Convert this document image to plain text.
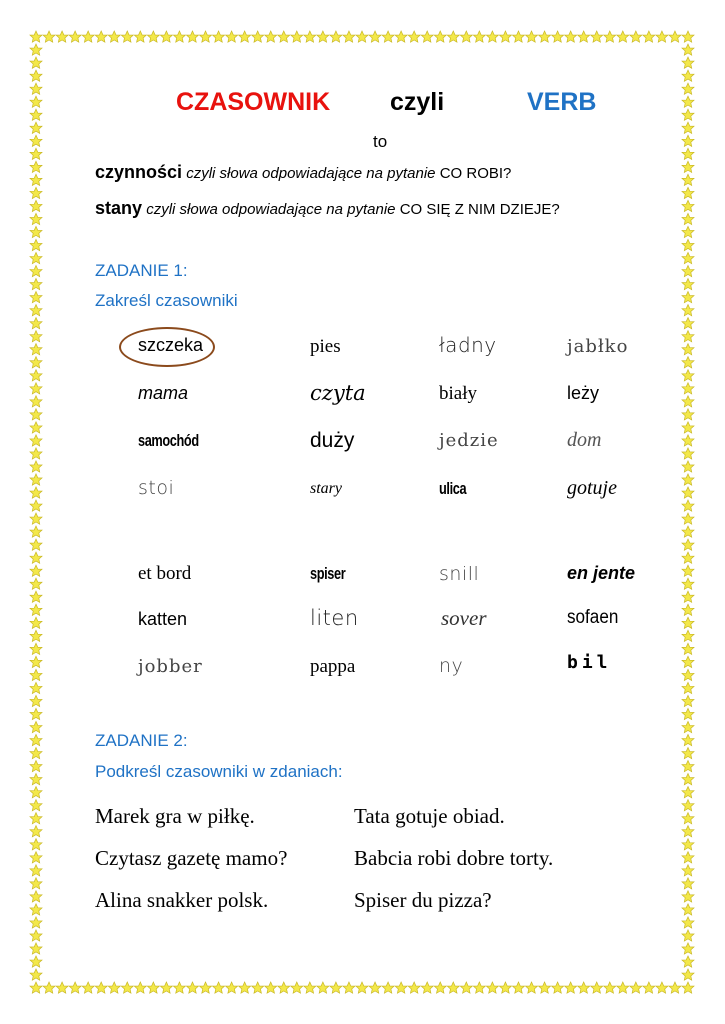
CZASOWNIK czyli	VERB
to
czynności czyli słowa odpowiadające na pytanie CO ROBI?
stany czyli słowa odpowiadające na pytanie CO SIĘ Z NIM DZIEJE?
ZADANIE 1:
Zakreśl czasowniki
szczeka	pies	ładny	jabłko
mama	czyta	biały	leży
samochód	duży	jedzie	dom
stoi	stary	ulica	gotuje
et bord	spiser	snill	en jente
katten	liten	sover	sofaen
jobber	pappa	ny	bil
ZADANIE 2:
Podkreśl czasowniki w zdaniach:
Marek gra w piłkę.	Tata gotuje obiad.
Czytasz gazetę mamo?	Babcia robi dobre torty.
Alina snakker polsk.	Spiser du pizza?
